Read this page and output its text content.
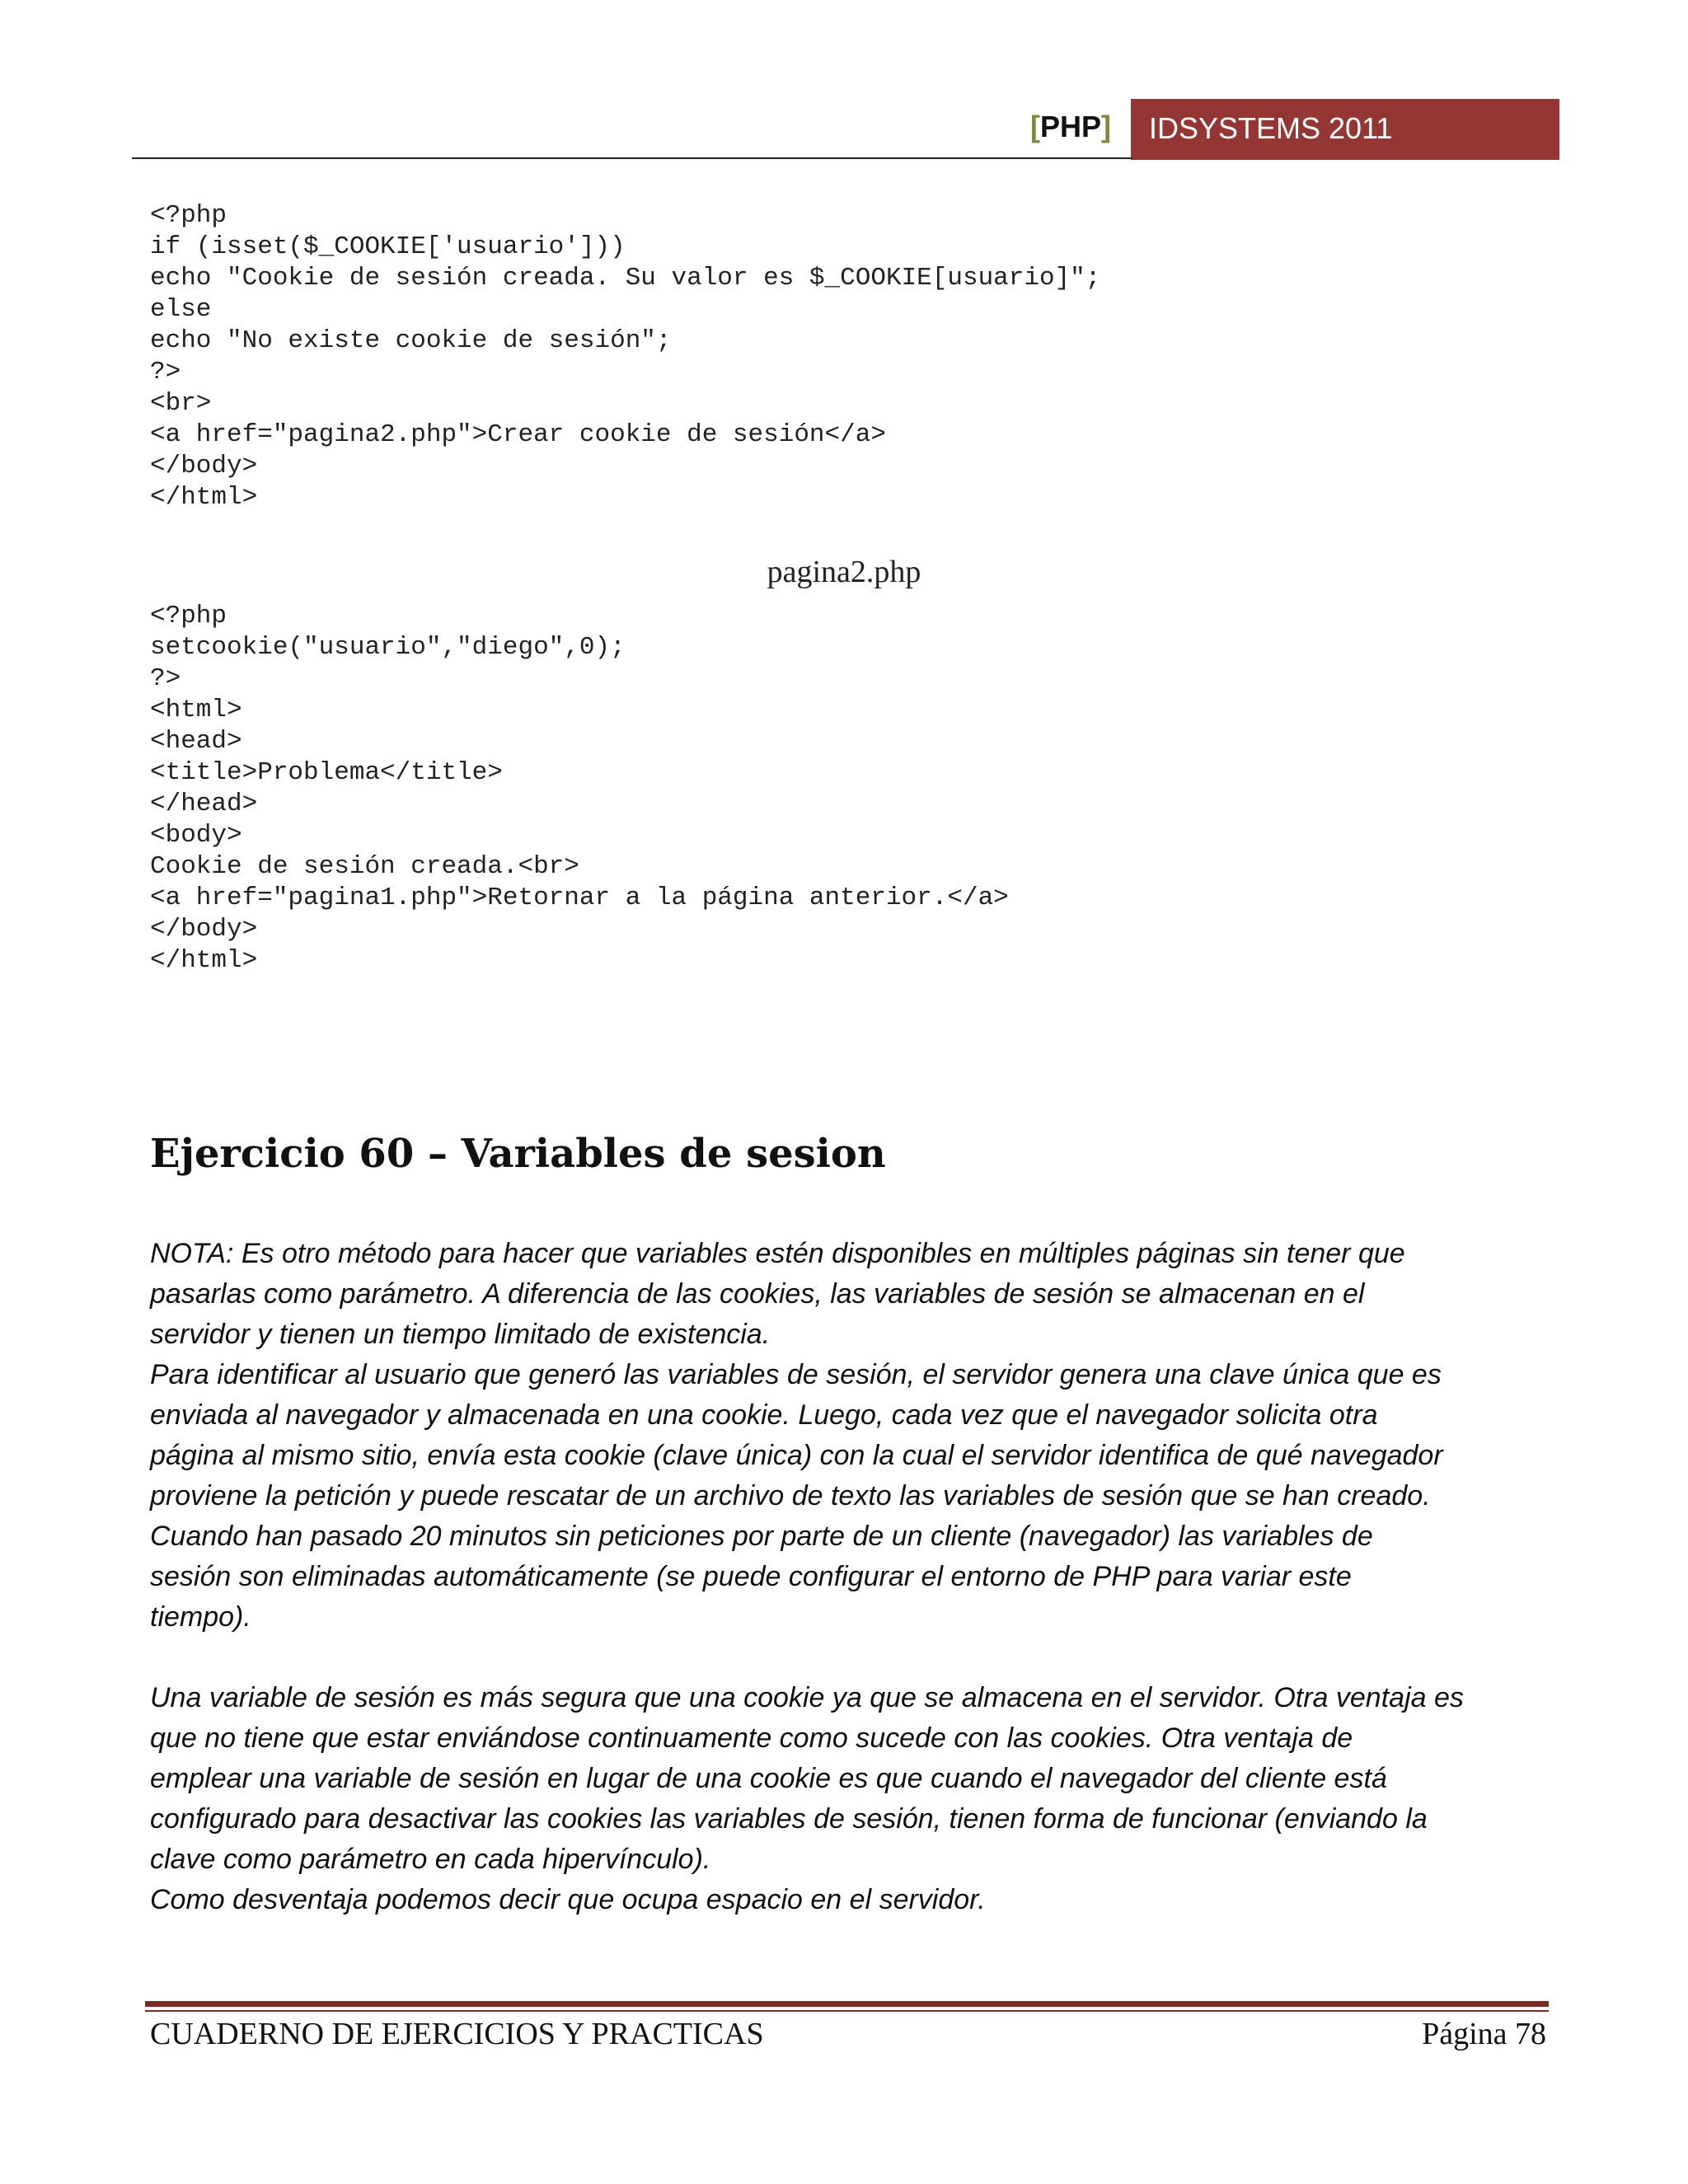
[PHP] IDSYSTEMS 2011
<?php
if (isset($_COOKIE['usuario']))
echo "Cookie de sesión creada. Su valor es $_COOKIE[usuario]";
else
echo "No existe cookie de sesión";
?>
<br>
<a href="pagina2.php">Crear cookie de sesión</a>
</body>
</html>
pagina2.php
<?php
setcookie("usuario","diego",0);
?>
<html>
<head>
<title>Problema</title>
</head>
<body>
Cookie de sesión creada.<br>
<a href="pagina1.php">Retornar a la página anterior.</a>
</body>
</html>
Ejercicio 60 – Variables de sesion
NOTA: Es otro método para hacer que variables estén disponibles en múltiples páginas sin tener que
pasarlas como parámetro. A diferencia de las cookies, las variables de sesión se almacenan en el
servidor y tienen un tiempo limitado de existencia.
Para identificar al usuario que generó las variables de sesión, el servidor genera una clave única que es
enviada al navegador y almacenada en una cookie. Luego, cada vez que el navegador solicita otra
página al mismo sitio, envía esta cookie (clave única) con la cual el servidor identifica de qué navegador
proviene la petición y puede rescatar de un archivo de texto las variables de sesión que se han creado.
Cuando han pasado 20 minutos sin peticiones por parte de un cliente (navegador) las variables de
sesión son eliminadas automáticamente (se puede configurar el entorno de PHP para variar este
tiempo).
Una variable de sesión es más segura que una cookie ya que se almacena en el servidor. Otra ventaja es
que no tiene que estar enviándose continuamente como sucede con las cookies. Otra ventaja de
emplear una variable de sesión en lugar de una cookie es que cuando el navegador del cliente está
configurado para desactivar las cookies las variables de sesión, tienen forma de funcionar (enviando la
clave como parámetro en cada hipervínculo).
Como desventaja podemos decir que ocupa espacio en el servidor.
CUADERNO DE EJERCICIOS Y PRACTICAS	Página 78
